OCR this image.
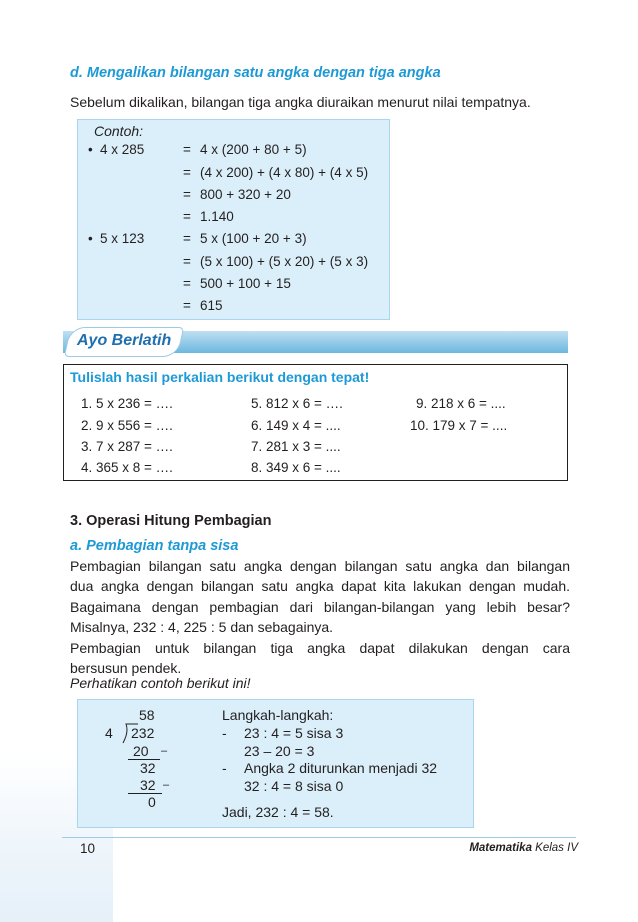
d. Mengalikan bilangan satu angka dengan tiga angka
Sebelum dikalikan, bilangan tiga angka diuraikan menurut nilai tempatnya.
Contoh:
• 4 x 285	= 4 x (200 + 80 + 5)
= (4 x 200) + (4 x 80) + (4 x 5)
= 800 + 320 + 20
= 1.140
• 5 x 123	= 5 x (100 + 20 + 3)
= (5 x 100) + (5 x 20) + (5 x 3)
= 500 + 100 + 15
= 615
Ayo Berlatih
Tulislah hasil perkalian berikut dengan tepat!
1. 5 x 236 = ….
2. 9 x 556 = ….
3. 7 x 287 = ….
4. 365 x 8 = ….
5. 812 x 6 = ….
6. 149 x 4 = ....
7. 281 x 3 = ....
8. 349 x 6 = ....
9. 218 x 6 = ....
10. 179 x 7 = ....
3. Operasi Hitung Pembagian
a. Pembagian tanpa sisa
Pembagian bilangan satu angka dengan bilangan satu angka dan bilangan
dua angka dengan bilangan satu angka dapat kita lakukan dengan mudah.
Bagaimana dengan pembagian dari bilangan-bilangan yang lebih besar?
Misalnya, 232 : 4, 225 : 5 dan sebagainya.
Pembagian untuk bilangan tiga angka dapat dilakukan dengan cara
bersusun pendek.
Perhatikan contoh berikut ini!
58
4 232
20 –
32
32 –
0
Langkah-langkah:
- 23 : 4 = 5 sisa 3
23 – 20 = 3
- Angka 2 diturunkan menjadi 32
32 : 4 = 8 sisa 0
Jadi, 232 : 4 = 58.
10	Matematika Kelas IV
